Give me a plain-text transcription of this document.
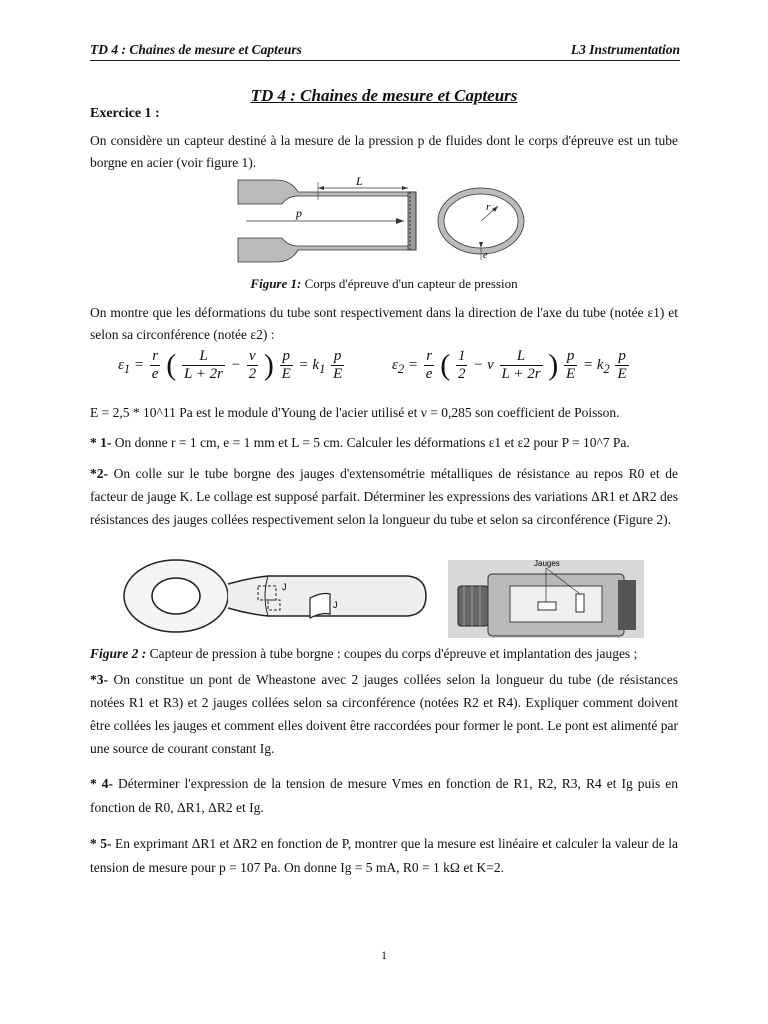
TD 4 : Chaines de mesure et Capteurs	L3 Instrumentation
TD 4 : Chaines de mesure et Capteurs
Exercice 1 :
On considère un capteur destiné à la mesure de la pression p de fluides dont le corps d'épreuve est un tube borgne en acier (voir figure 1).
L
p	r
e
Figure 1: Corps d'épreuve d'un capteur de pression
On montre que les déformations du tube sont respectivement dans la direction de l'axe du tube (notée ε1) et selon sa circonférence (notée ε2) :
$\varepsilon_1 = \frac{r}{e}$ ( $\frac{L}{L + 2r} - \frac{\nu}{2}$ ) $\frac{p}{E} = k_1 \frac{p}{E}$	$\varepsilon_2 = \frac{r}{e}$ ( $\frac{1}{2} - \nu \frac{L}{L + 2r}$ ) $\frac{p}{E} = k_2 \frac{p}{E}$
E = 2,5 * 10^11 Pa est le module d'Young de l'acier utilisé et ν = 0,285 son coefficient de Poisson.
* 1- On donne r = 1 cm, e = 1 mm et L = 5 cm. Calculer les déformations ε1 et ε2 pour P = 10^7 Pa.
*2- On colle sur le tube borgne des jauges d'extensométrie métalliques de résistance au repos R0 et de facteur de jauge K. Le collage est supposé parfait. Déterminer les expressions des variations ΔR1 et ΔR2 des résistances des jauges collées respectivement selon la longueur du tube et selon sa circonférence (Figure 2).
J
J
Jauges
Figure 2 : Capteur de pression à tube borgne : coupes du corps d'épreuve et implantation des jauges ;
*3- On constitue un pont de Wheastone avec 2 jauges collées selon la longueur du tube (de résistances notées R1 et R3) et 2 jauges collées selon sa circonférence (notées R2 et R4). Expliquer comment doivent être collées les jauges et comment elles doivent être raccordées pour former le pont. Le pont est alimenté par une source de courant constant Ig.
* 4- Déterminer l'expression de la tension de mesure Vmes en fonction de R1, R2, R3, R4 et Ig puis en fonction de R0, ΔR1, ΔR2 et Ig.
* 5- En exprimant ΔR1 et ΔR2 en fonction de P, montrer que la mesure est linéaire et calculer la valeur de la tension de mesure pour p = 107 Pa. On donne Ig = 5 mA, R0 = 1 kΩ et K=2.
1
